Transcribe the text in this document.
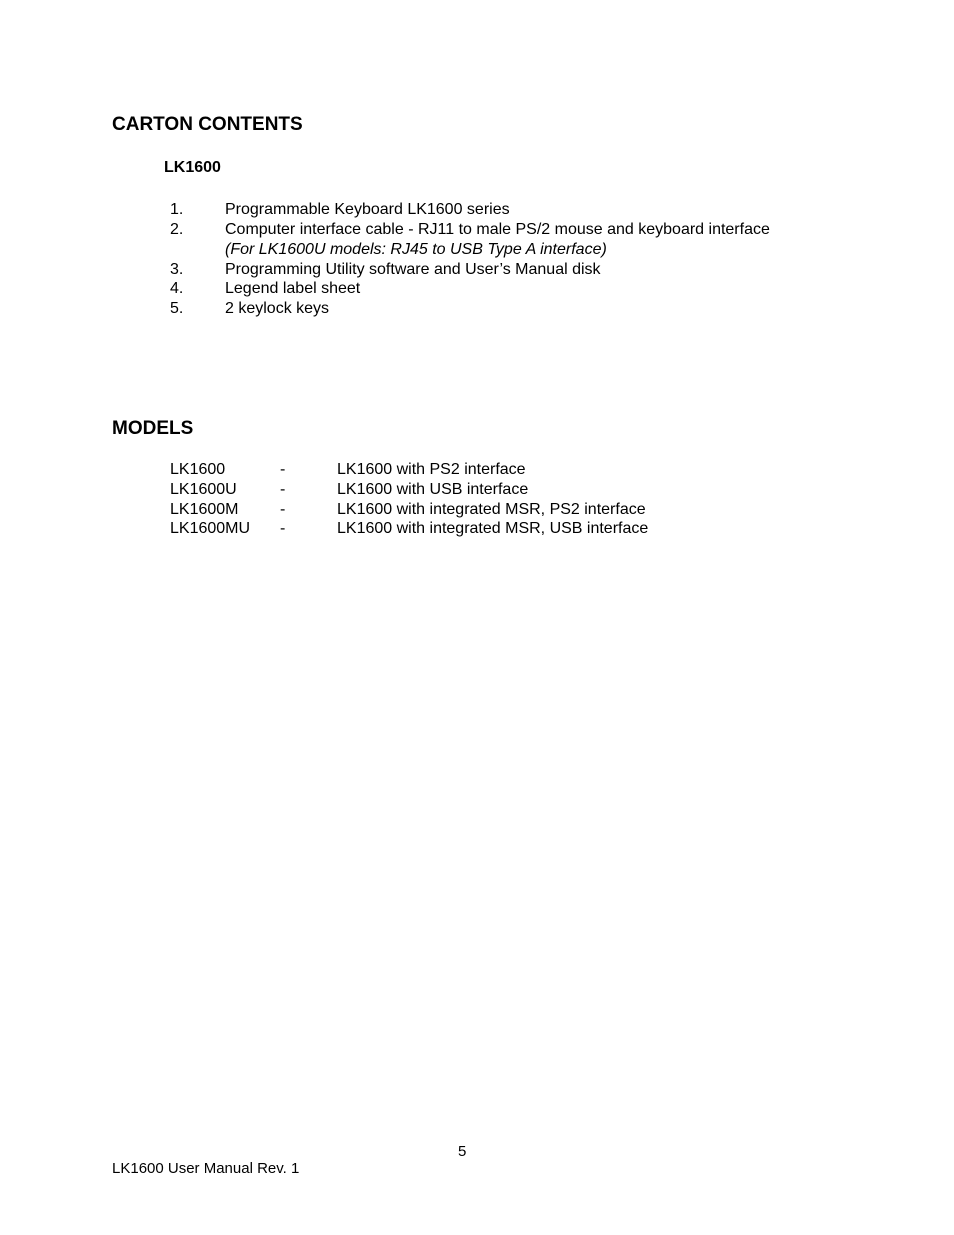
CARTON CONTENTS
LK1600
1.	Programmable Keyboard LK1600 series
2.	Computer interface cable - RJ11 to male PS/2 mouse and keyboard interface
(For LK1600U models: RJ45 to USB Type A interface)
3.	Programming Utility software and User’s Manual disk
4.	Legend label sheet
5.	2 keylock keys
MODELS
LK1600	-	LK1600 with PS2 interface
LK1600U	-	LK1600 with USB interface
LK1600M	-	LK1600 with integrated MSR, PS2 interface
LK1600MU -	LK1600 with integrated MSR, USB interface
5
LK1600 User Manual Rev. 1
